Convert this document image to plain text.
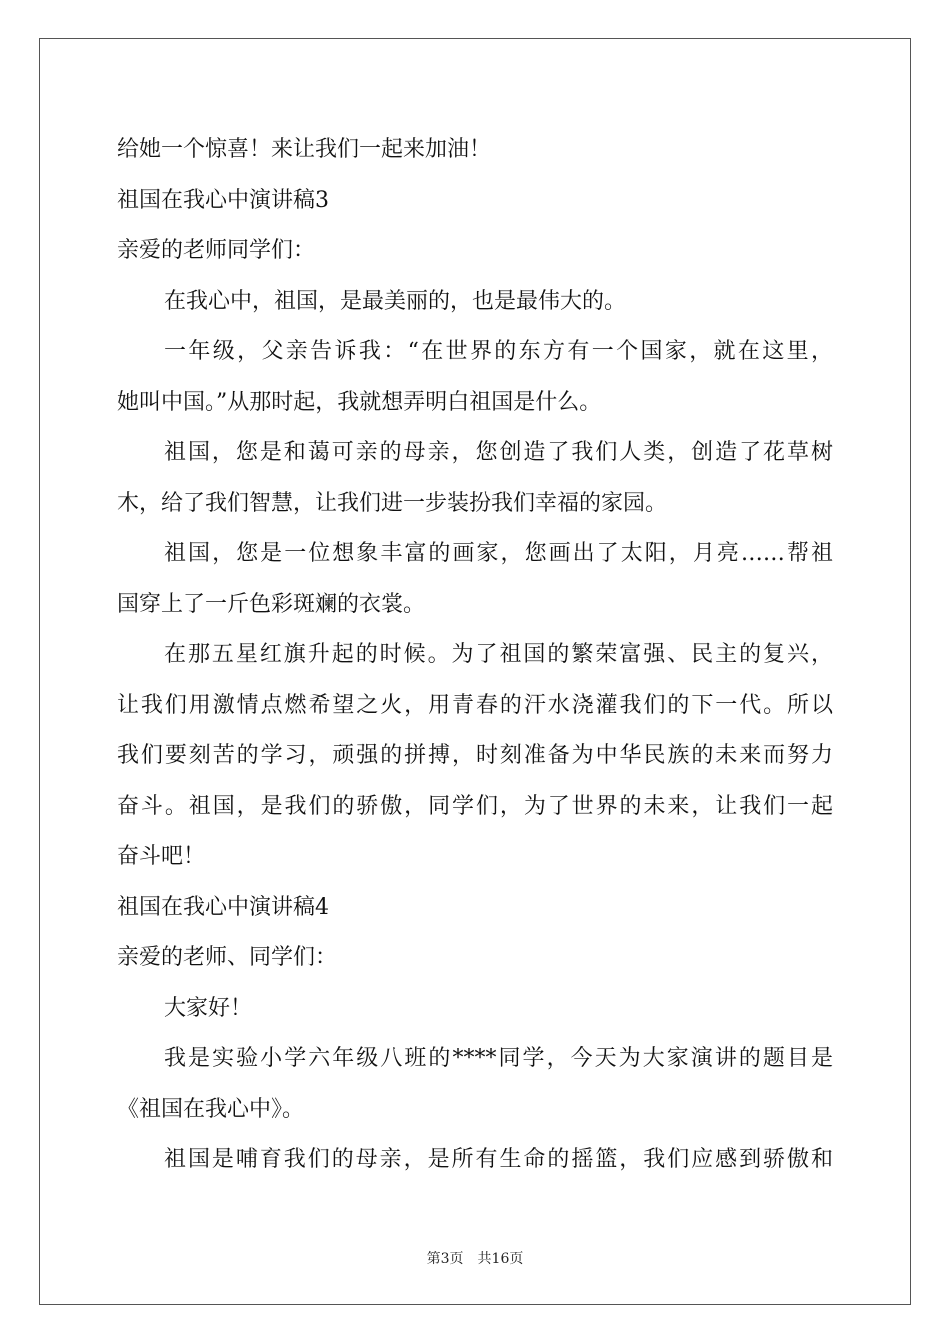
给她一个惊喜！来让我们一起来加油！
祖国在我心中演讲稿3
亲爱的老师同学们：
在我心中，祖国，是最美丽的，也是最伟大的。
一年级，父亲告诉我：“在世界的东方有一个国家，就在这里，
她叫中国。”从那时起，我就想弄明白祖国是什么。
祖国，您是和蔼可亲的母亲，您创造了我们人类，创造了花草树
木，给了我们智慧，让我们进一步装扮我们幸福的家园。
祖国，您是一位想象丰富的画家，您画出了太阳，月亮……帮祖
国穿上了一斤色彩斑斓的衣裳。
在那五星红旗升起的时候。为了祖国的繁荣富强、民主的复兴，
让我们用激情点燃希望之火，用青春的汗水浇灌我们的下一代。所以
我们要刻苦的学习，顽强的拼搏，时刻准备为中华民族的未来而努力
奋斗。祖国，是我们的骄傲，同学们，为了世界的未来，让我们一起
奋斗吧！
祖国在我心中演讲稿4
亲爱的老师、同学们：
大家好！
我是实验小学六年级八班的****同学，今天为大家演讲的题目是
《祖国在我心中》。
祖国是哺育我们的母亲，是所有生命的摇篮，我们应感到骄傲和
第3页 共16页
